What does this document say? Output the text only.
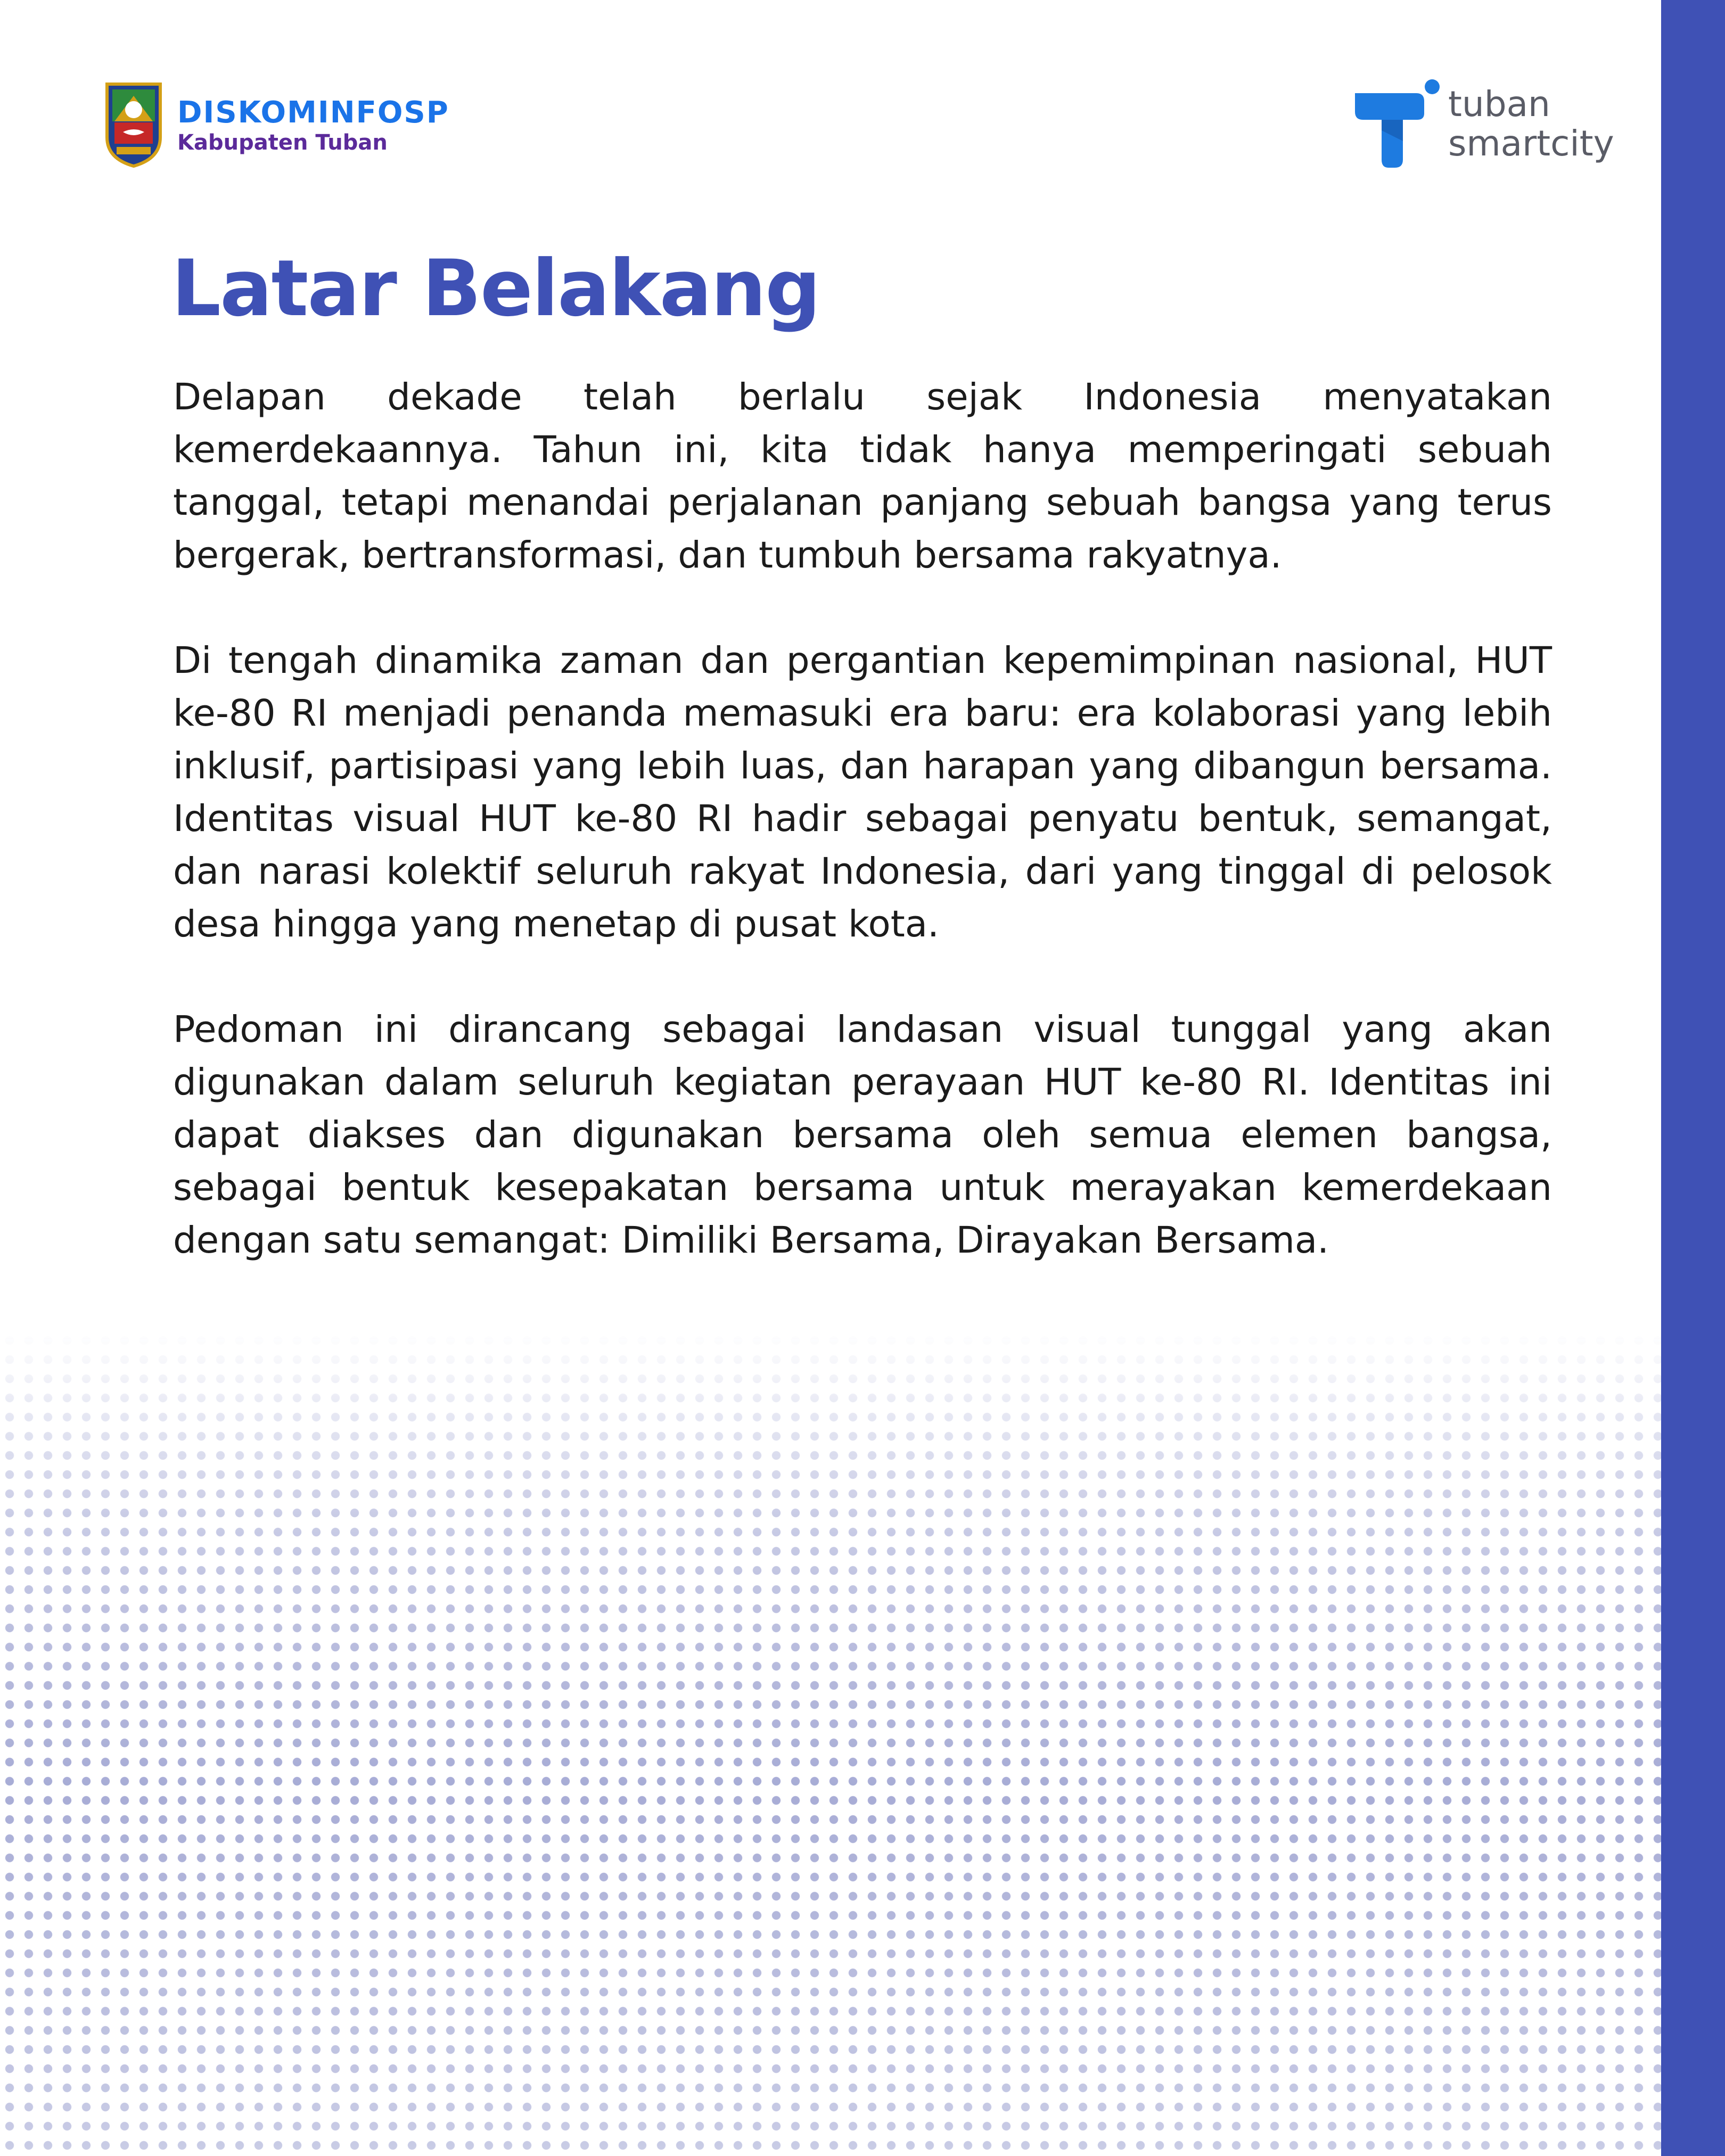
DISKOMINFOSP
Kabupaten Tuban
tuban
smartcity
Latar Belakang

Delapan dekade telah berlalu sejak Indonesia menyatakan kemerdekaannya. Tahun ini, kita tidak hanya memperingati sebuah tanggal, tetapi menandai perjalanan panjang sebuah bangsa yang terus bergerak, bertransformasi, dan tumbuh bersama rakyatnya.

Di tengah dinamika zaman dan pergantian kepemimpinan nasional, HUT ke-80 RI menjadi penanda memasuki era baru: era kolaborasi yang lebih inklusif, partisipasi yang lebih luas, dan harapan yang dibangun bersama. Identitas visual HUT ke-80 RI hadir sebagai penyatu bentuk, semangat, dan narasi kolektif seluruh rakyat Indonesia, dari yang tinggal di pelosok desa hingga yang menetap di pusat kota.

Pedoman ini dirancang sebagai landasan visual tunggal yang akan digunakan dalam seluruh kegiatan perayaan HUT ke-80 RI. Identitas ini dapat diakses dan digunakan bersama oleh semua elemen bangsa, sebagai bentuk kesepakatan bersama untuk merayakan kemerdekaan dengan satu semangat: Dimiliki Bersama, Dirayakan Bersama.
